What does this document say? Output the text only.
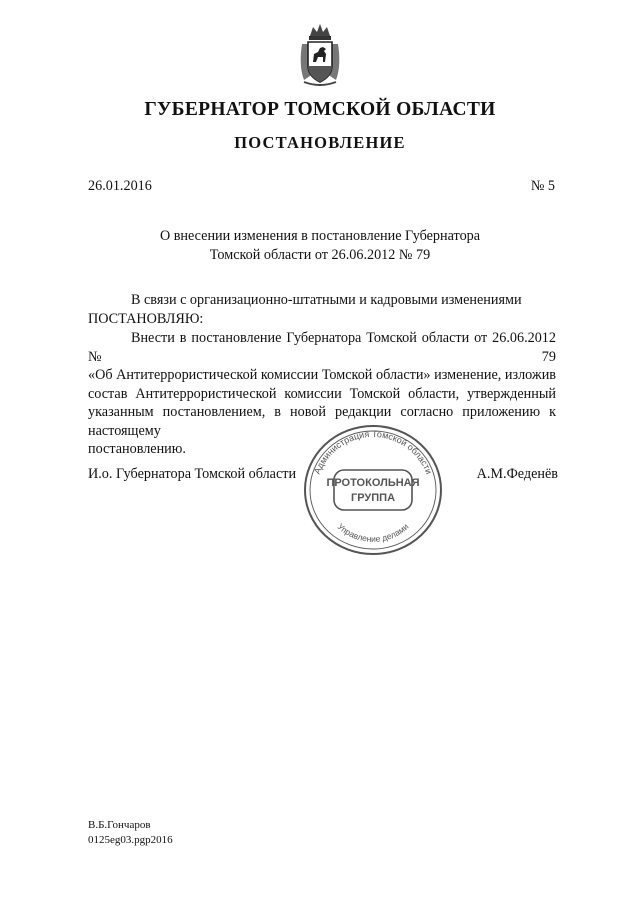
ГУБЕРНАТОР ТОМСКОЙ ОБЛАСТИ
ПОСТАНОВЛЕНИЕ
26.01.2016	№ 5
О внесении изменения в постановление Губернатора
Томской области от 26.06.2012 № 79
В связи с организационно-штатными и кадровыми изменениями
ПОСТАНОВЛЯЮ:
Внести в постановление Губернатора Томской области от 26.06.2012 № 79
«Об Антитеррористической комиссии Томской области» изменение, изложив
состав Антитеррористической комиссии Томской области, утвержденный
указанным постановлением, в новой редакции согласно приложению к настоящему
постановлению.
Администрация Томской области
Управление делами
ПРОТОКОЛЬНАЯ
ГРУППА
И.о. Губернатора Томской области	А.М.Феденёв
В.Б.Гончаров
0125eg03.pgp2016
